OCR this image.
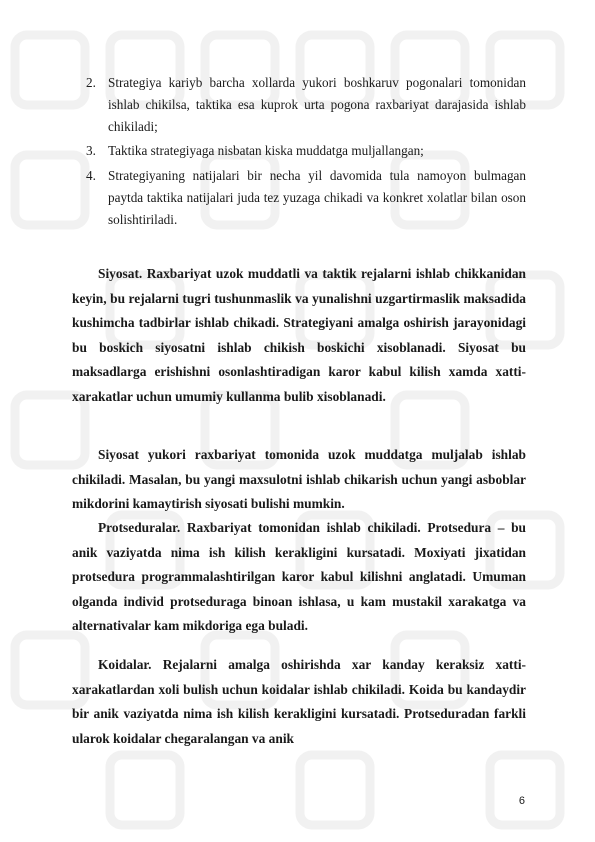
2. Strategiya kariyb barcha xollarda yukori boshkaruv pogonalari tomonidan ishlab chikilsa, taktika esa kuprok urta pogona raxbariyat darajasida ishlab chikiladi;
3. Taktika strategiyaga nisbatan kiska muddatga muljallangan;
4. Strategiyaning natijalari bir necha yil davomida tula namoyon bulmagan paytda taktika natijalari juda tez yuzaga chikadi va konkret xolatlar bilan oson solishtiriladi.
Siyosat. Raxbariyat uzok muddatli va taktik rejalarni ishlab chikkanidan keyin, bu rejalarni tugri tushunmaslik va yunalishni uzgartirmaslik maksadida kushimcha tadbirlar ishlab chikadi. Strategiyani amalga oshirish jarayonidagi bu boskich siyosatni ishlab chikish boskichi xisoblanadi. Siyosat bu maksadlarga erishishni osonlashtiradigan karor kabul kilish xamda xatti-xarakatlar uchun umumiy kullanma bulib xisoblanadi.
Siyosat yukori raxbariyat tomonida uzok muddatga muljalab ishlab chikiladi. Masalan, bu yangi maxsulotni ishlab chikarish uchun yangi asboblar mikdorini kamaytirish siyosati bulishi mumkin.
Protseduralar. Raxbariyat tomonidan ishlab chikiladi. Protsedura – bu anik vaziyatda nima ish kilish kerakligini kursatadi. Moxiyati jixatidan protsedura programmalashtirilgan karor kabul kilishni anglatadi. Umuman olganda individ protseduraga binoan ishlasa, u kam mustakil xarakatga va alternativalar kam mikdoriga ega buladi.
Koidalar. Rejalarni amalga oshirishda xar kanday keraksiz xatti-xarakatlardan xoli bulish uchun koidalar ishlab chikiladi. Koida bu kandaydir bir anik vaziyatda nima ish kilish kerakligini kursatadi. Protseduradan farkli ularok koidalar chegaralangan va anik
6
